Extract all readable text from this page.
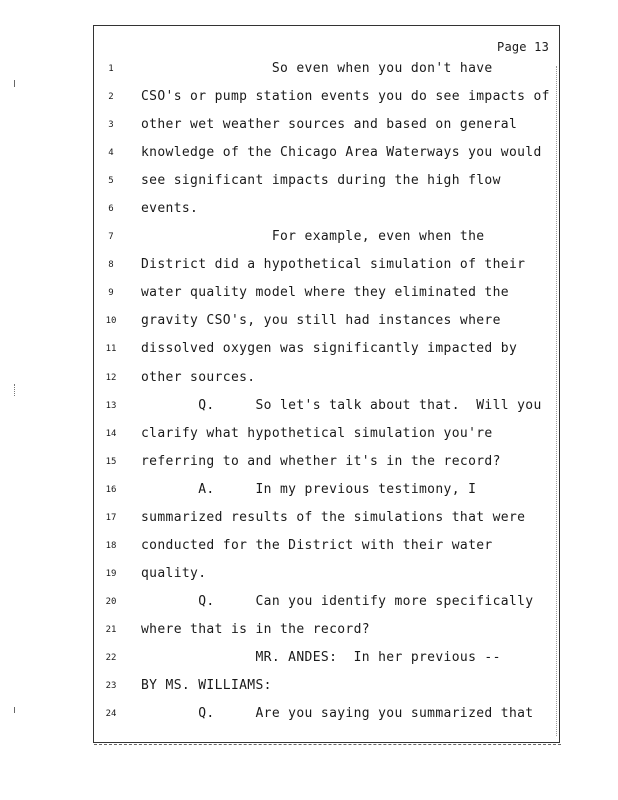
Page 13
1	So even when you don't have
2	CSO's or pump station events you do see impacts of
3	other wet weather sources and based on general
4	knowledge of the Chicago Area Waterways you would
5	see significant impacts during the high flow
6	events.
7	For example, even when the
8	District did a hypothetical simulation of their
9	water quality model where they eliminated the
10 gravity CSO's, you still had instances where
11 dissolved oxygen was significantly impacted by
12 other sources.
13 Q.     So let's talk about that.  Will you
14 clarify what hypothetical simulation you're
15 referring to and whether it's in the record?
16 A.     In my previous testimony, I
17 summarized results of the simulations that were
18 conducted for the District with their water
19 quality.
20 Q.     Can you identify more specifically
21 where that is in the record?
22 MR. ANDES:  In her previous --
23 BY MS. WILLIAMS:
24 Q.     Are you saying you summarized that
